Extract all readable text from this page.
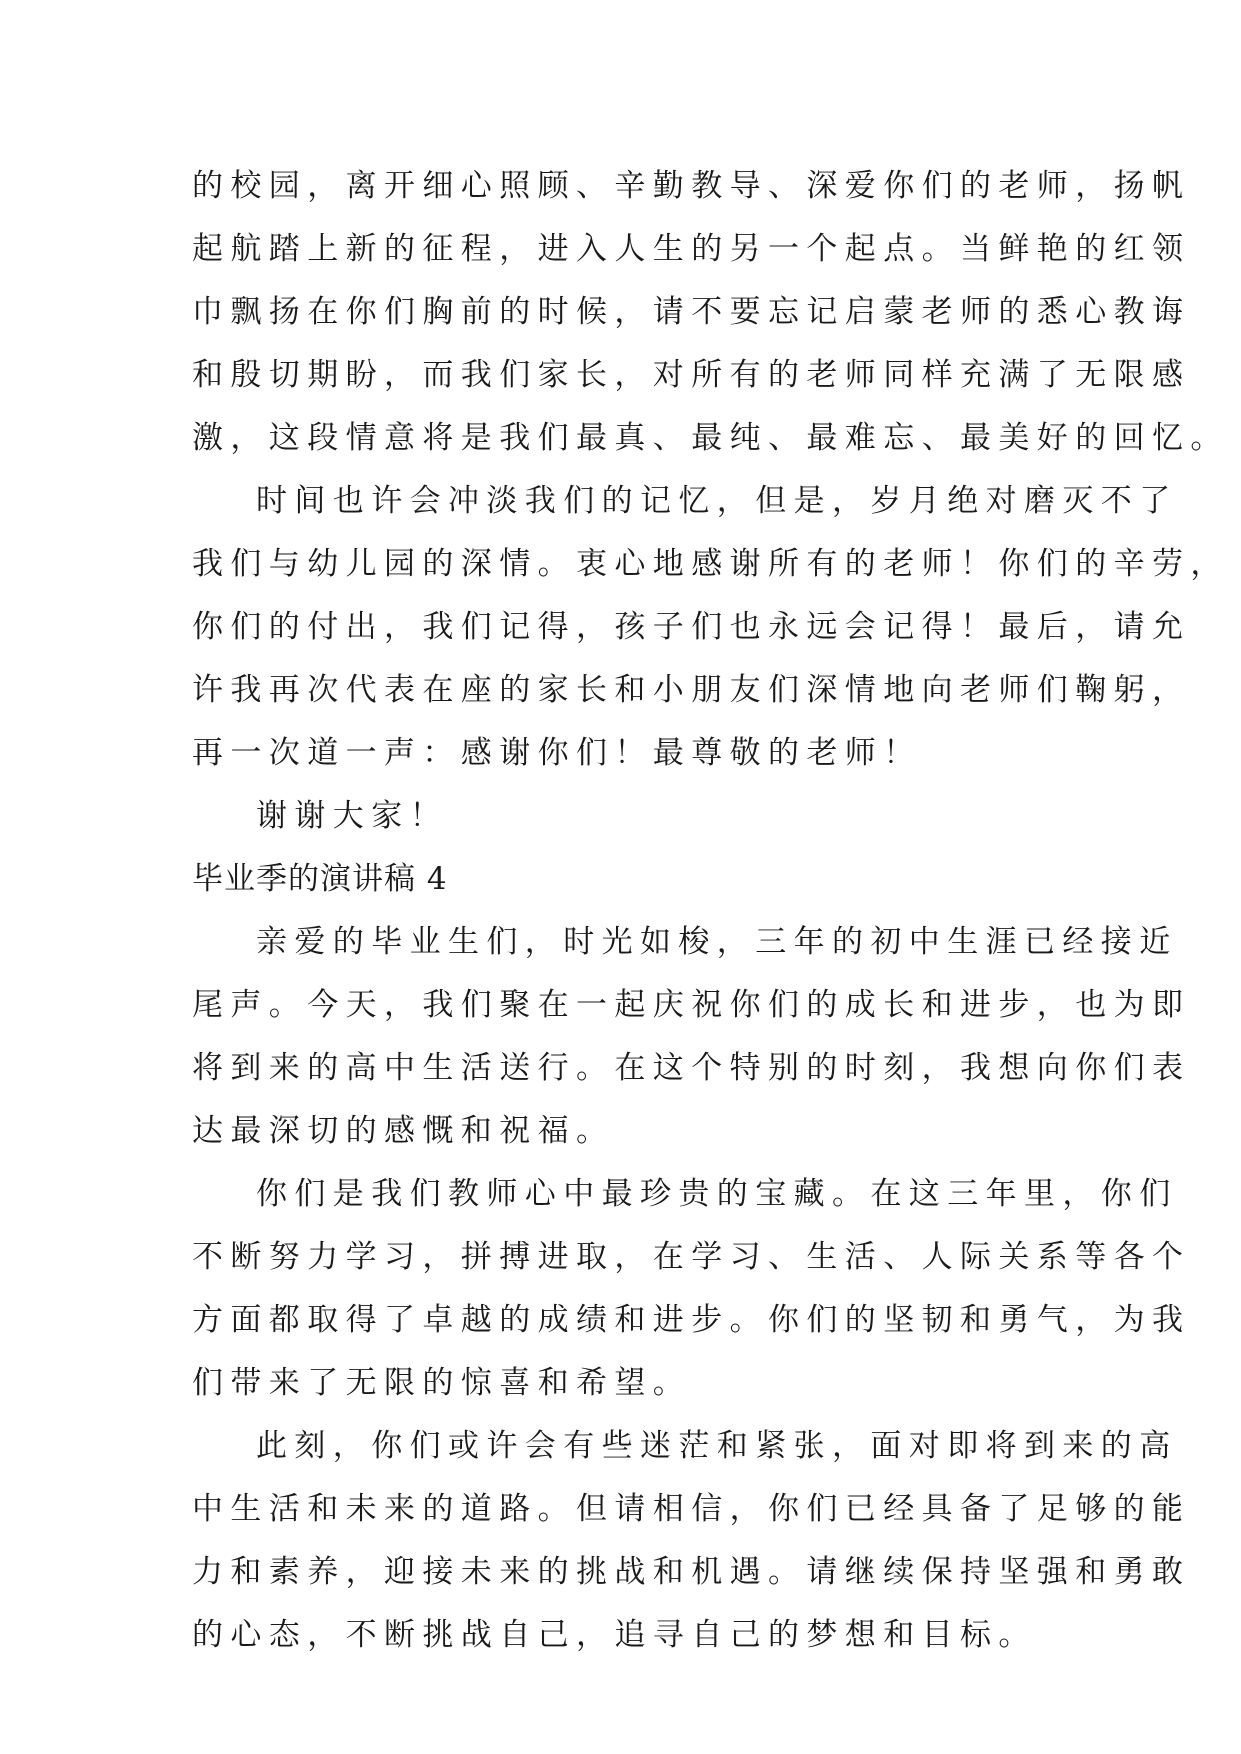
的校园，离开细心照顾、辛勤教导、深爱你们的老师，扬帆
起航踏上新的征程，进入人生的另一个起点。当鲜艳的红领
巾飘扬在你们胸前的时候，请不要忘记启蒙老师的悉心教诲
和殷切期盼，而我们家长，对所有的老师同样充满了无限感
激，这段情意将是我们最真、最纯、最难忘、最美好的回忆。
时间也许会冲淡我们的记忆，但是，岁月绝对磨灭不了
我们与幼儿园的深情。衷心地感谢所有的老师！你们的辛劳，
你们的付出，我们记得，孩子们也永远会记得！最后，请允
许我再次代表在座的家长和小朋友们深情地向老师们鞠躬，
再一次道一声：感谢你们！最尊敬的老师！
谢谢大家！
毕业季的演讲稿 4
亲爱的毕业生们，时光如梭，三年的初中生涯已经接近
尾声。今天，我们聚在一起庆祝你们的成长和进步，也为即
将到来的高中生活送行。在这个特别的时刻，我想向你们表
达最深切的感慨和祝福。
你们是我们教师心中最珍贵的宝藏。在这三年里，你们
不断努力学习，拼搏进取，在学习、生活、人际关系等各个
方面都取得了卓越的成绩和进步。你们的坚韧和勇气，为我
们带来了无限的惊喜和希望。
此刻，你们或许会有些迷茫和紧张，面对即将到来的高
中生活和未来的道路。但请相信，你们已经具备了足够的能
力和素养，迎接未来的挑战和机遇。请继续保持坚强和勇敢
的心态，不断挑战自己，追寻自己的梦想和目标。
